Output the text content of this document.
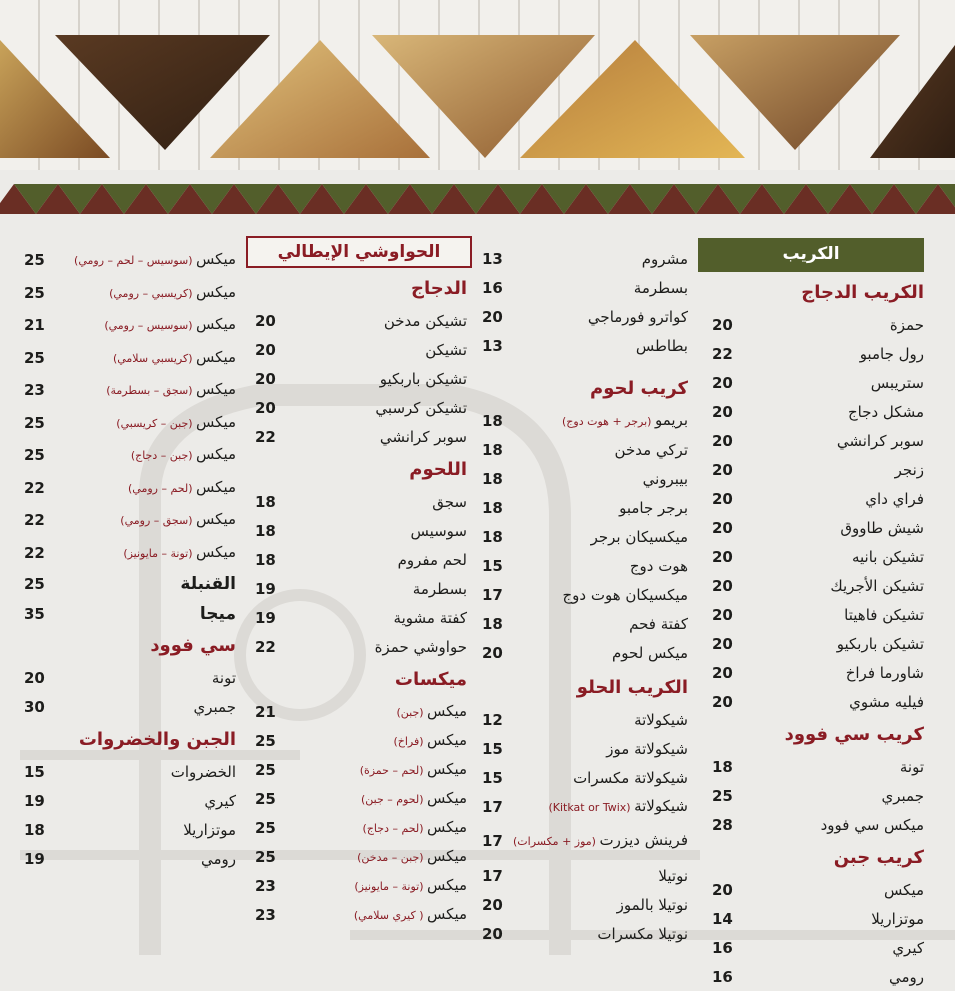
الكريب
الكريب الدجاج
حمزة
20
رول جامبو
22
ستريبس
20
مشكل دجاج
20
سوبر كرانشي
20
زنجر
20
فراي داي
20
شيش طاووق
20
تشيكن بانيه
20
تشيكن الأجريك
20
تشيكن فاهيتا
20
تشيكن باربكيو
20
شاورما فراخ
20
فيليه مشوي
20
كريب سي فوود
تونة
18
جمبري
25
ميكس سي فوود
28
كريب جبن
ميكس
20
موتزاريلا
14
كيري
16
رومي
16
مشروم
13
بسطرمة
16
كواترو فورماجي
20
بطاطس
13
كريب لحوم
بريمو (برجر + هوت دوج)
18
تركي مدخن
18
بيبروني
18
برجر جامبو
18
ميكسيكان برجر
18
هوت دوج
15
ميكسيكان هوت دوج
17
كفتة فحم
18
ميكس لحوم
20
الكريب الحلو
شيكولاتة
12
شيكولاتة موز
15
شيكولاتة مكسرات
15
شيكولاتة (Kitkat or Twix)
17
فرينش ديزرت (موز + مكسرات)
17
نوتيلا
17
نوتيلا بالموز
20
نوتيلا مكسرات
20
الحواوشي الإيطالي
الدجاج
تشيكن مدخن
20
تشيكن
20
تشيكن باربكيو
20
تشيكن كرسبي
20
سوبر كرانشي
22
اللحوم
سجق
18
سوسيس
18
لحم مفروم
18
بسطرمة
19
كفتة مشوية
19
حواوشي حمزة
22
ميكسات
ميكس (جبن)
21
ميكس (فراخ)
25
ميكس (لحم – حمزة)
25
ميكس (لحوم – جبن)
25
ميكس (لحم – دجاج)
25
ميكس (جبن – مدخن)
25
ميكس (تونة – مايونيز)
23
ميكس ( كيري سلامي)
23
ميكس (سوسيس – لحم – رومي)
25
ميكس (كريسبي – رومي)
25
ميكس (سوسيس – رومي)
21
ميكس (كريسبي سلامي)
25
ميكس (سجق – بسطرمة)
23
ميكس (جبن – كريسبي)
25
ميكس (جبن – دجاج)
25
ميكس (لحم – رومي)
22
ميكس (سجق – رومي)
22
ميكس (تونة – مايونيز)
22
القنبلة
25
ميجا
35
سي فوود
تونة
20
جمبري
30
الجبن والخضروات
الخضروات
15
كيري
19
موتزاريلا
18
رومي
19
